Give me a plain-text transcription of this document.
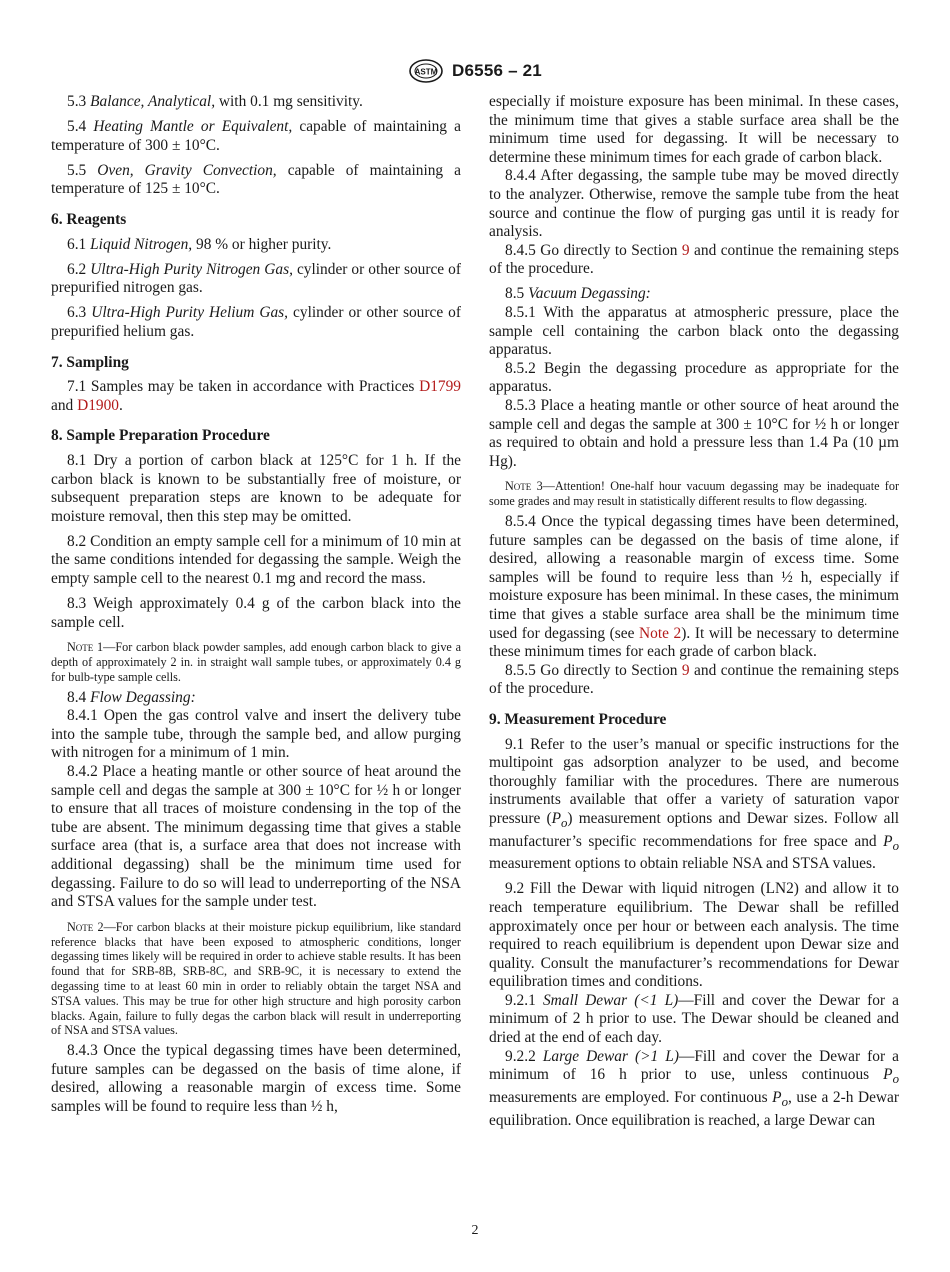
ASTM D6556 – 21

5.3 Balance, Analytical, with 0.1 mg sensitivity.

5.4 Heating Mantle or Equivalent, capable of maintaining a temperature of 300 ± 10°C.

5.5 Oven, Gravity Convection, capable of maintaining a temperature of 125 ± 10°C.

6. Reagents

6.1 Liquid Nitrogen, 98 % or higher purity.

6.2 Ultra-High Purity Nitrogen Gas, cylinder or other source of prepurified nitrogen gas.

6.3 Ultra-High Purity Helium Gas, cylinder or other source of prepurified helium gas.

7. Sampling

7.1 Samples may be taken in accordance with Practices D1799 and D1900.

8. Sample Preparation Procedure

8.1 Dry a portion of carbon black at 125°C for 1 h. If the carbon black is known to be substantially free of moisture, or subsequent preparation steps are known to be adequate for moisture removal, then this step may be omitted.

8.2 Condition an empty sample cell for a minimum of 10 min at the same conditions intended for degassing the sample. Weigh the empty sample cell to the nearest 0.1 mg and record the mass.

8.3 Weigh approximately 0.4 g of the carbon black into the sample cell.

Note 1—For carbon black powder samples, add enough carbon black to give a depth of approximately 2 in. in straight wall sample tubes, or approximately 0.4 g for bulb-type sample cells.

8.4 Flow Degassing:

8.4.1 Open the gas control valve and insert the delivery tube into the sample tube, through the sample bed, and allow purging with nitrogen for a minimum of 1 min.

8.4.2 Place a heating mantle or other source of heat around the sample cell and degas the sample at 300 ± 10°C for ½ h or longer to ensure that all traces of moisture condensing in the top of the tube are absent. The minimum degassing time that gives a stable surface area (that is, a surface area that does not increase with additional degassing) shall be the minimum time used for degassing. Failure to do so will lead to underreporting of the NSA and STSA values for the sample under test.

Note 2—For carbon blacks at their moisture pickup equilibrium, like standard reference blacks that have been exposed to atmospheric conditions, longer degassing times likely will be required in order to achieve stable results. It has been found that for SRB-8B, SRB-8C, and SRB-9C, it is necessary to extend the degassing time to at least 60 min in order to reliably obtain the target NSA and STSA values. This may be true for other high structure and high porosity carbon blacks. Again, failure to fully degas the carbon black will result in underreporting of NSA and STSA values.

8.4.3 Once the typical degassing times have been determined, future samples can be degassed on the basis of time alone, if desired, allowing a reasonable margin of excess time. Some samples will be found to require less than ½ h,

especially if moisture exposure has been minimal. In these cases, the minimum time that gives a stable surface area shall be the minimum time used for degassing. It will be necessary to determine these minimum times for each grade of carbon black.

8.4.4 After degassing, the sample tube may be moved directly to the analyzer. Otherwise, remove the sample tube from the heat source and continue the flow of purging gas until it is ready for analysis.

8.4.5 Go directly to Section 9 and continue the remaining steps of the procedure.

8.5 Vacuum Degassing:

8.5.1 With the apparatus at atmospheric pressure, place the sample cell containing the carbon black onto the degassing apparatus.

8.5.2 Begin the degassing procedure as appropriate for the apparatus.

8.5.3 Place a heating mantle or other source of heat around the sample cell and degas the sample at 300 ± 10°C for ½ h or longer as required to obtain and hold a pressure less than 1.4 Pa (10 µm Hg).

Note 3—Attention! One-half hour vacuum degassing may be inadequate for some grades and may result in statistically different results to flow degassing.

8.5.4 Once the typical degassing times have been determined, future samples can be degassed on the basis of time alone, if desired, allowing a reasonable margin of excess time. Some samples will be found to require less than ½ h, especially if moisture exposure has been minimal. In these cases, the minimum time that gives a stable surface area shall be the minimum time used for degassing (see Note 2). It will be necessary to determine these minimum times for each grade of carbon black.

8.5.5 Go directly to Section 9 and continue the remaining steps of the procedure.

9. Measurement Procedure

9.1 Refer to the user’s manual or specific instructions for the multipoint gas adsorption analyzer to be used, and become thoroughly familiar with the procedures. There are numerous instruments available that offer a variety of saturation vapor pressure $(P_o)$ measurement options and Dewar sizes. Follow all manufacturer’s specific recommendations for free space and $P_o$ measurement options to obtain reliable NSA and STSA values.

9.2 Fill the Dewar with liquid nitrogen (LN2) and allow it to reach temperature equilibrium. The Dewar shall be refilled approximately once per hour or between each analysis. The time required to reach equilibrium is dependent upon Dewar size and quality. Consult the manufacturer’s recommendations for Dewar equilibration times and conditions.

9.2.1 Small Dewar (<1 L)—Fill and cover the Dewar for a minimum of 2 h prior to use. The Dewar should be cleaned and dried at the end of each day.

9.2.2 Large Dewar (>1 L)—Fill and cover the Dewar for a minimum of 16 h prior to use, unless continuous $P_o$ measurements are employed. For continuous $P_o$, use a 2-h Dewar equilibration. Once equilibration is reached, a large Dewar can

2
